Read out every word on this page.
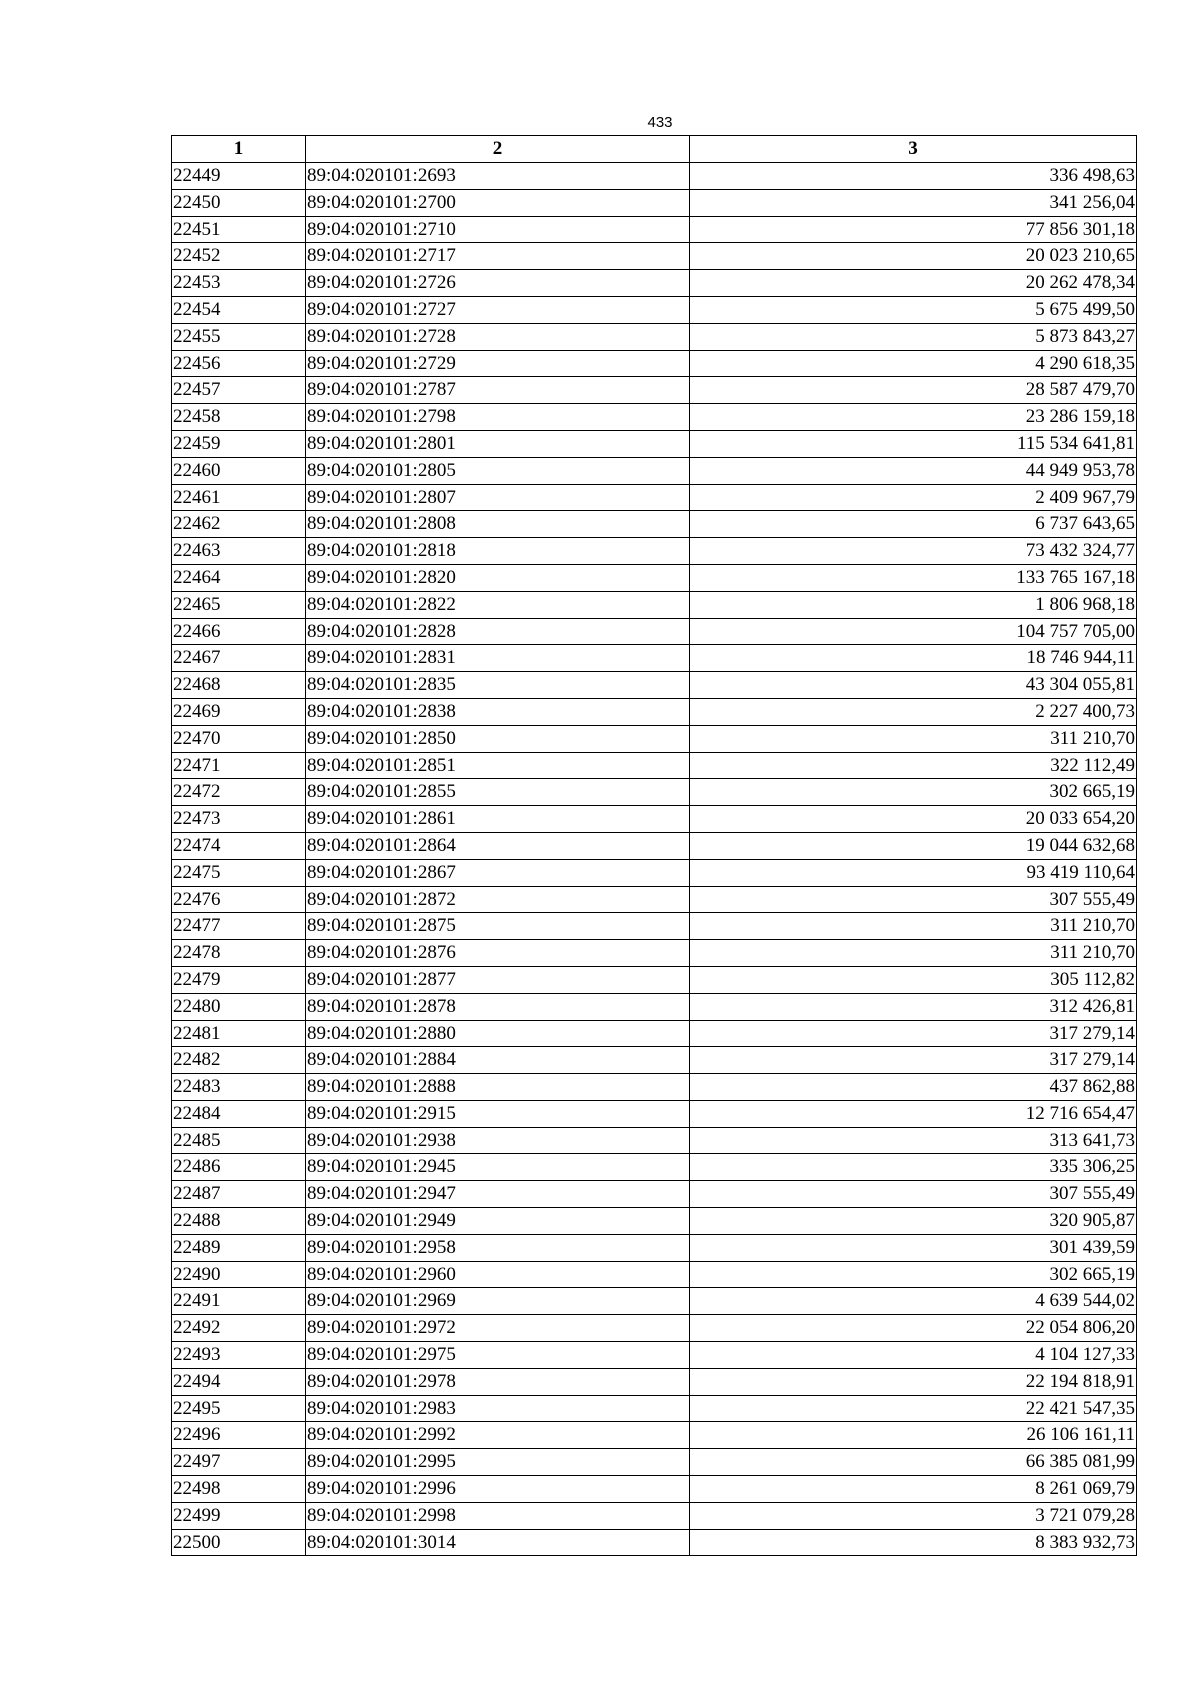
433
1	2	3
22449	89:04:020101:2693	336 498,63
22450	89:04:020101:2700	341 256,04
22451	89:04:020101:2710	77 856 301,18
22452	89:04:020101:2717	20 023 210,65
22453	89:04:020101:2726	20 262 478,34
22454	89:04:020101:2727	5 675 499,50
22455	89:04:020101:2728	5 873 843,27
22456	89:04:020101:2729	4 290 618,35
22457	89:04:020101:2787	28 587 479,70
22458	89:04:020101:2798	23 286 159,18
22459	89:04:020101:2801	115 534 641,81
22460	89:04:020101:2805	44 949 953,78
22461	89:04:020101:2807	2 409 967,79
22462	89:04:020101:2808	6 737 643,65
22463	89:04:020101:2818	73 432 324,77
22464	89:04:020101:2820	133 765 167,18
22465	89:04:020101:2822	1 806 968,18
22466	89:04:020101:2828	104 757 705,00
22467	89:04:020101:2831	18 746 944,11
22468	89:04:020101:2835	43 304 055,81
22469	89:04:020101:2838	2 227 400,73
22470	89:04:020101:2850	311 210,70
22471	89:04:020101:2851	322 112,49
22472	89:04:020101:2855	302 665,19
22473	89:04:020101:2861	20 033 654,20
22474	89:04:020101:2864	19 044 632,68
22475	89:04:020101:2867	93 419 110,64
22476	89:04:020101:2872	307 555,49
22477	89:04:020101:2875	311 210,70
22478	89:04:020101:2876	311 210,70
22479	89:04:020101:2877	305 112,82
22480	89:04:020101:2878	312 426,81
22481	89:04:020101:2880	317 279,14
22482	89:04:020101:2884	317 279,14
22483	89:04:020101:2888	437 862,88
22484	89:04:020101:2915	12 716 654,47
22485	89:04:020101:2938	313 641,73
22486	89:04:020101:2945	335 306,25
22487	89:04:020101:2947	307 555,49
22488	89:04:020101:2949	320 905,87
22489	89:04:020101:2958	301 439,59
22490	89:04:020101:2960	302 665,19
22491	89:04:020101:2969	4 639 544,02
22492	89:04:020101:2972	22 054 806,20
22493	89:04:020101:2975	4 104 127,33
22494	89:04:020101:2978	22 194 818,91
22495	89:04:020101:2983	22 421 547,35
22496	89:04:020101:2992	26 106 161,11
22497	89:04:020101:2995	66 385 081,99
22498	89:04:020101:2996	8 261 069,79
22499	89:04:020101:2998	3 721 079,28
22500	89:04:020101:3014	8 383 932,73
